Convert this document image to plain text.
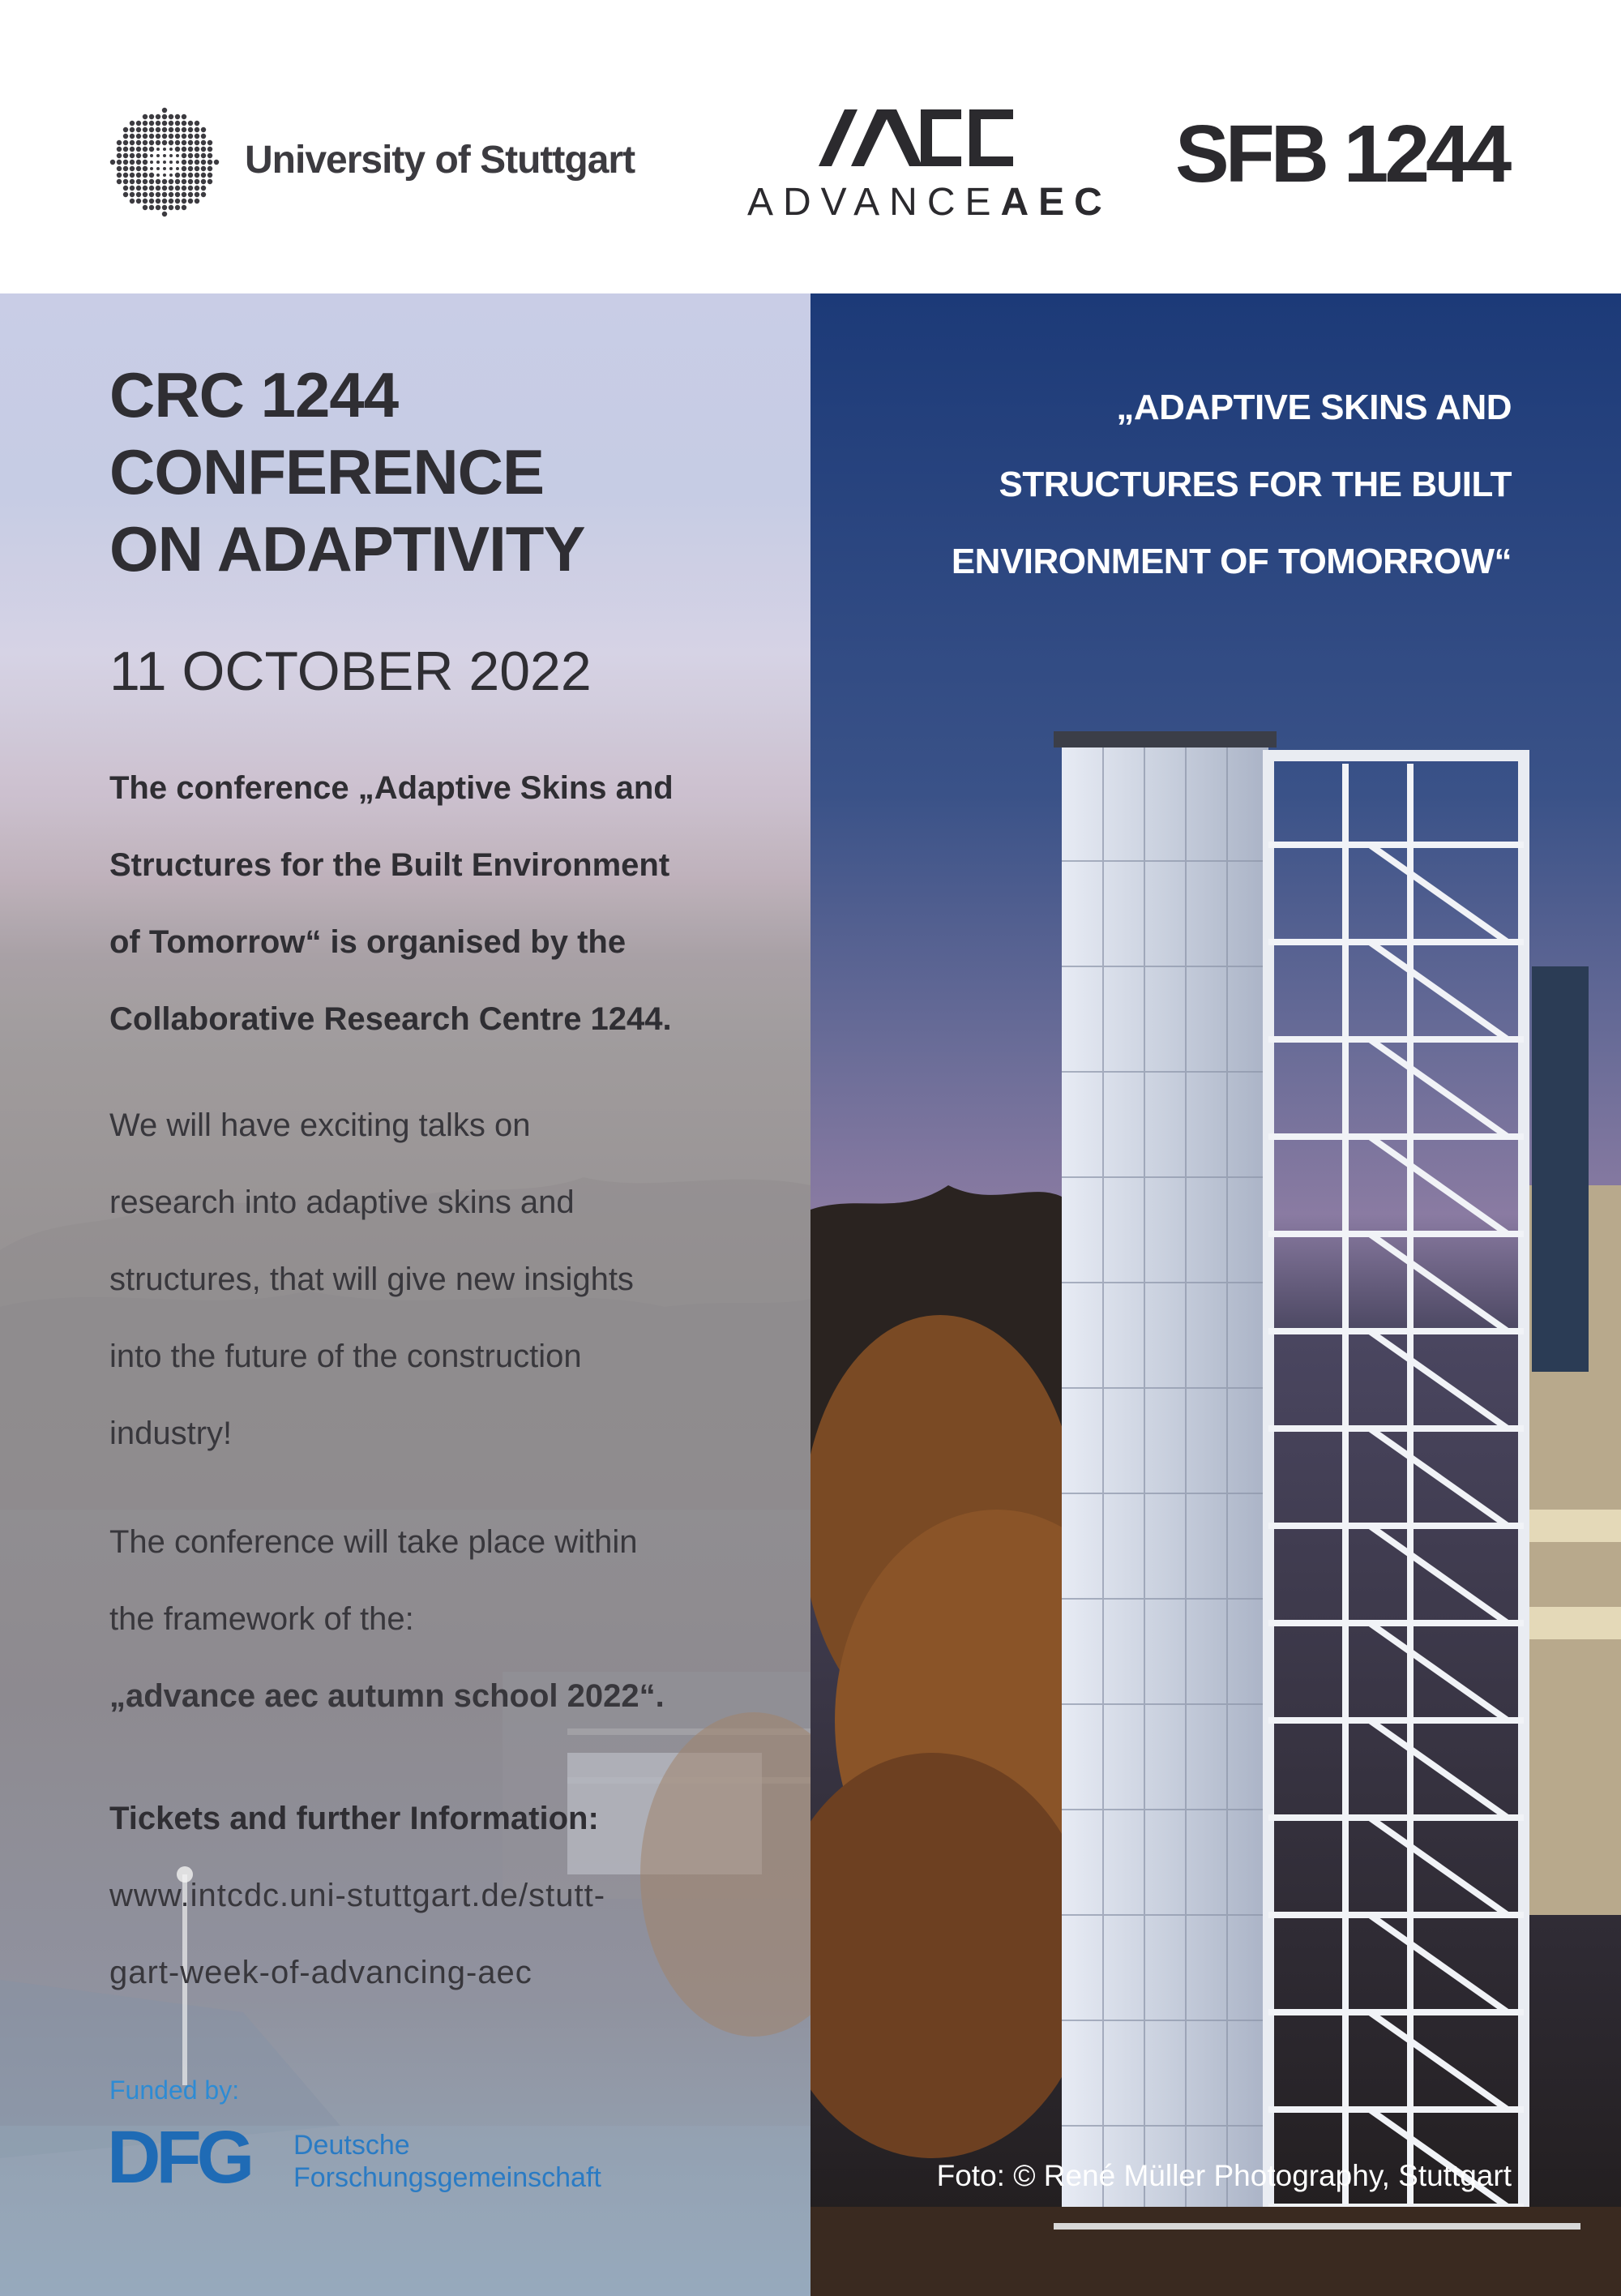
University of Stuttgart
ADVANCEAEC
SFB 1244
CRC 1244
CONFERENCE
ON ADAPTIVITY
11 OCTOBER 2022
The conference „Adaptive Skins and
Structures for the Built Environment
of Tomorrow“ is organised by the
Collaborative Research Centre 1244.
We will have exciting talks on
research into adaptive skins and
structures, that will give new insights
into the future of the construction
industry!
The conference will take place within
the framework of the:
„advance aec autumn school 2022“.
Tickets and further Information:
www.intcdc.uni-stuttgart.de/stutt-
gart-week-of-advancing-aec
Funded by:
DFG Deutsche
Forschungsgemeinschaft
„ADAPTIVE SKINS AND
STRUCTURES FOR THE BUILT
ENVIRONMENT OF TOMORROW“
Foto: © René Müller Photography, Stuttgart
